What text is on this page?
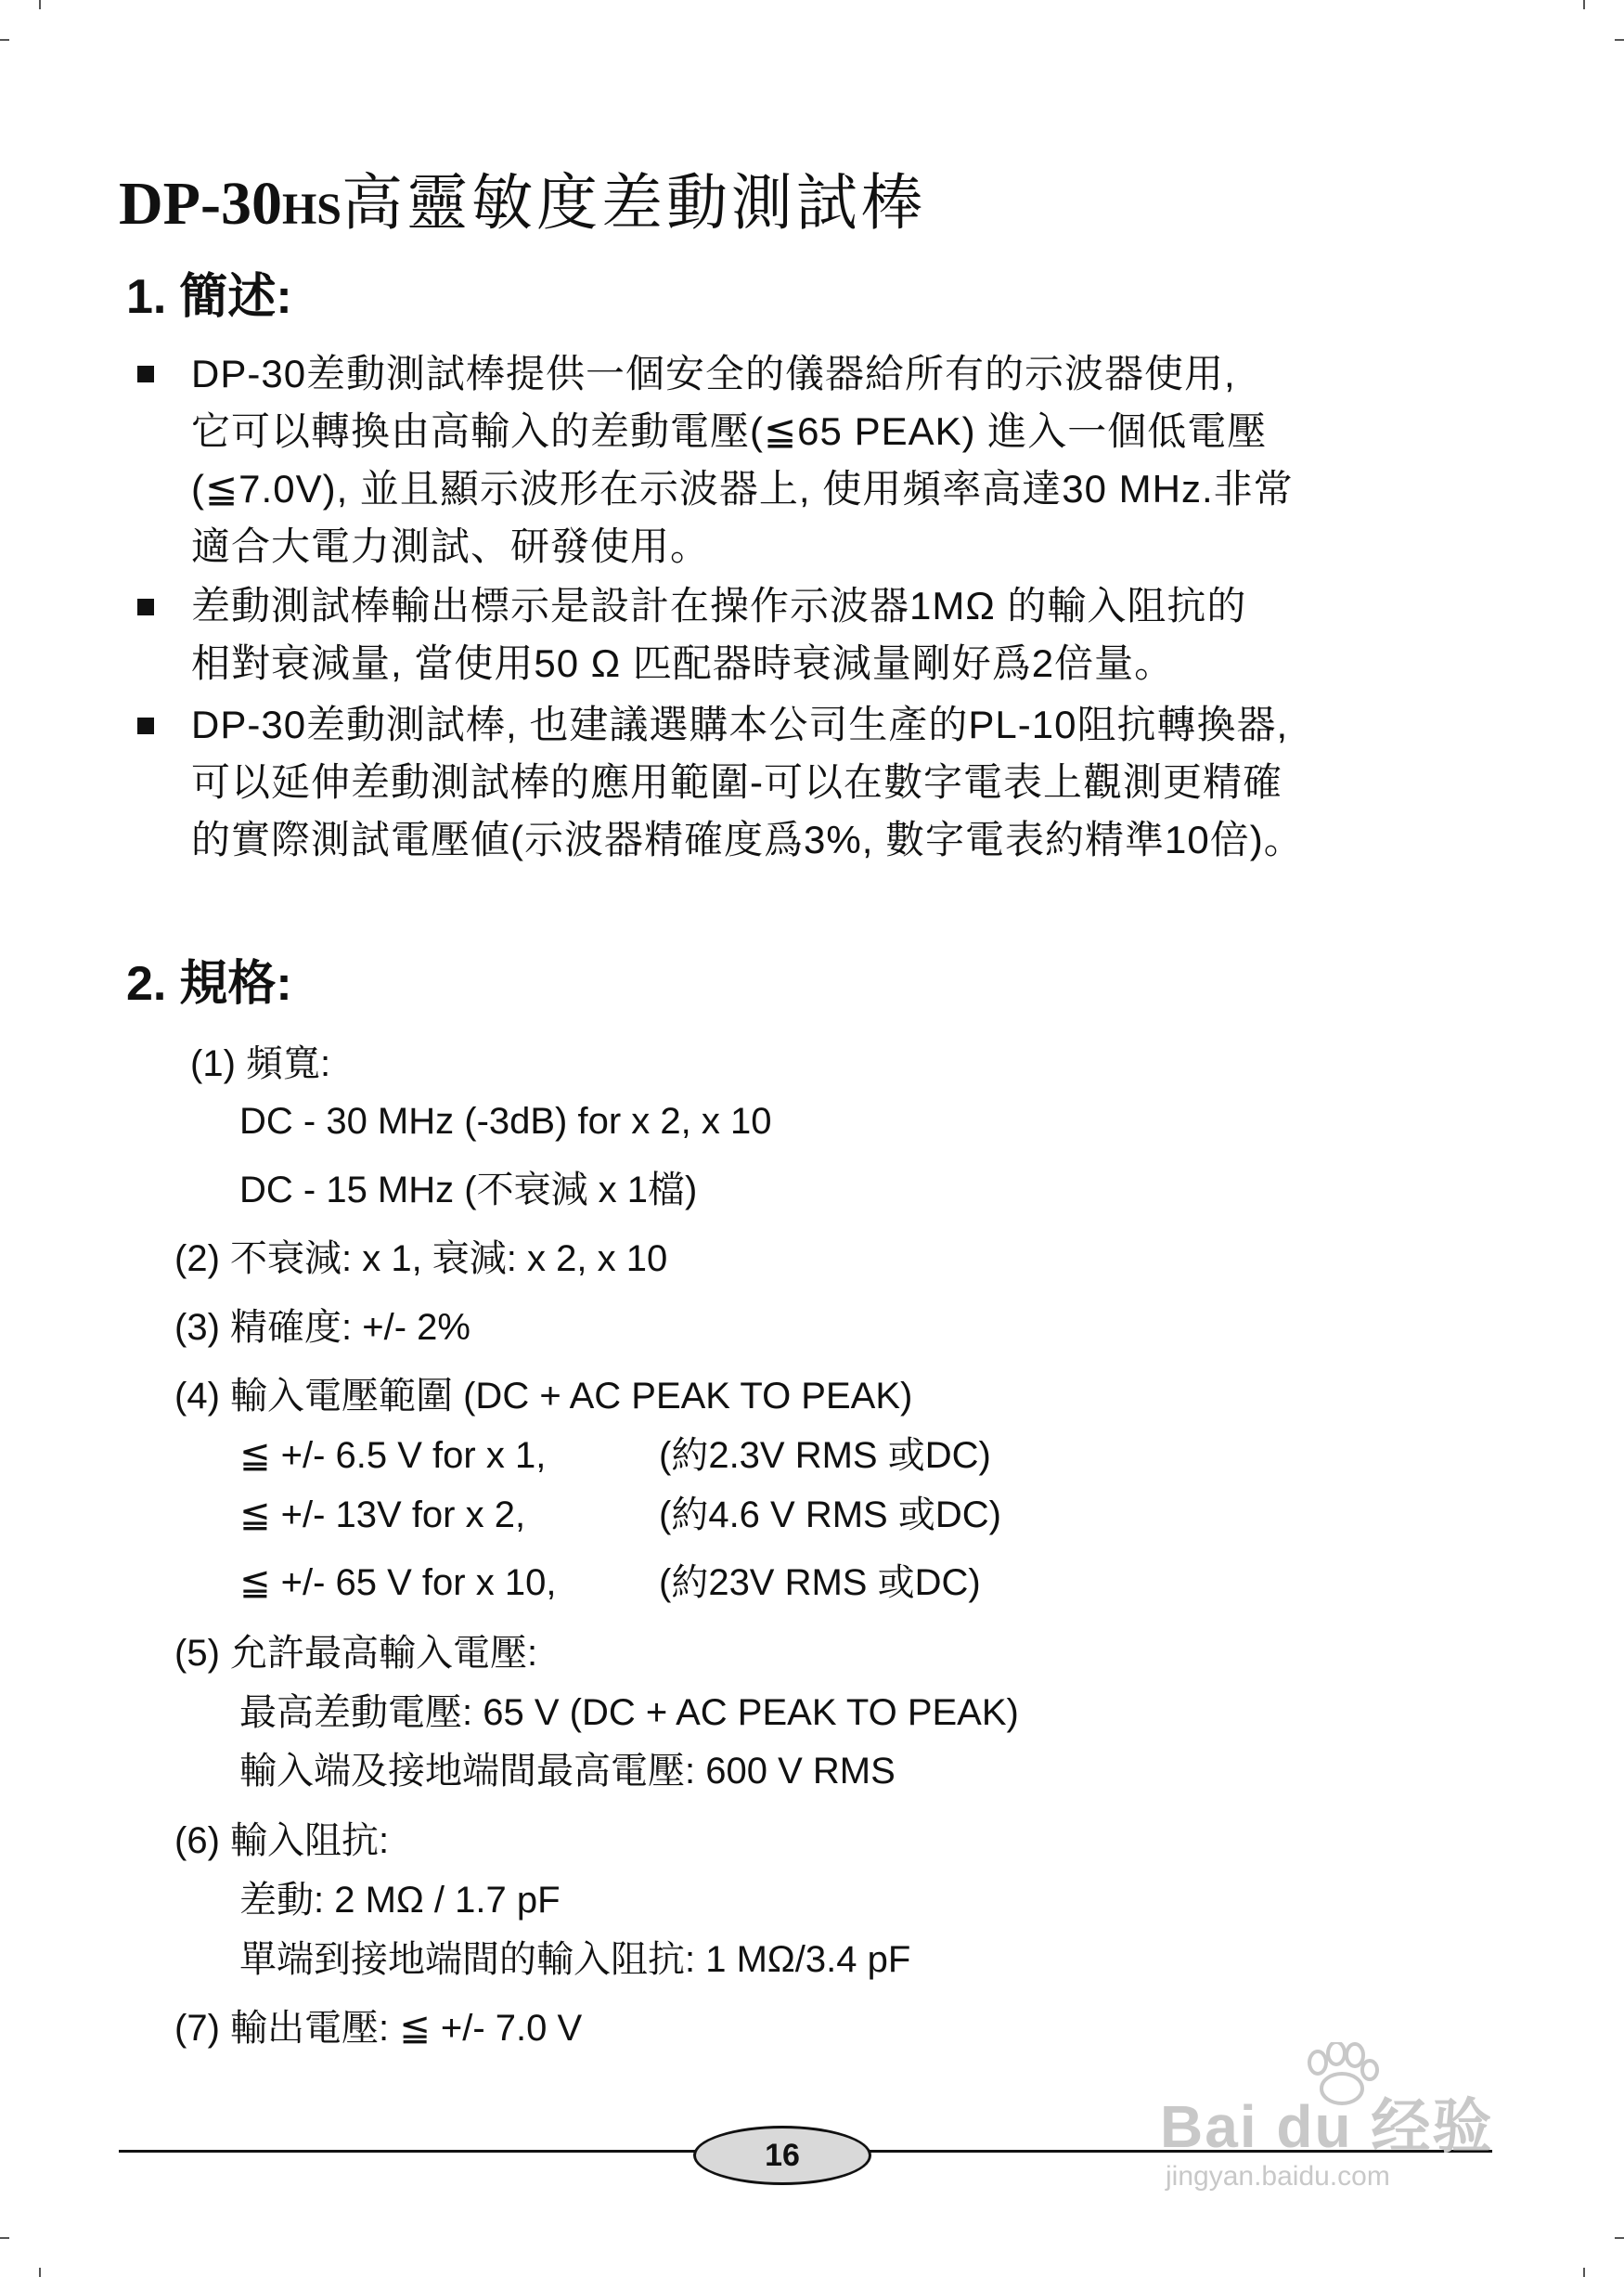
DP-30HS高靈敏度差動測試棒
1. 簡述:
DP-30差動測試棒提供一個安全的儀器給所有的示波器使用,
它可以轉換由高輸入的差動電壓(≦65 PEAK) 進入一個低電壓
(≦7.0V), 並且顯示波形在示波器上, 使用頻率高達30 MHz.非常
適合大電力測試、研發使用。
差動測試棒輸出標示是設計在操作示波器1MΩ 的輸入阻抗的
相對衰減量, 當使用50 Ω 匹配器時衰減量剛好爲2倍量。
DP-30差動測試棒, 也建議選購本公司生產的PL-10阻抗轉換器,
可以延伸差動測試棒的應用範圍-可以在數字電表上觀測更精確
的實際測試電壓値(示波器精確度爲3%, 數字電表約精準10倍)。
2. 規格:
(1) 頻寬:
DC - 30 MHz (-3dB) for x 2, x 10
DC - 15 MHz (不衰減 x 1檔)
(2) 不衰減: x 1, 衰減: x 2, x 10
(3) 精確度: +/- 2%
(4) 輸入電壓範圍 (DC + AC PEAK TO PEAK)
≦ +/- 6.5 V for x 1,	(約2.3V RMS 或DC)
≦ +/- 13V for x 2,	(約4.6 V RMS 或DC)
≦ +/- 65 V for x 10,	(約23V RMS 或DC)
(5) 允許最高輸入電壓:
最高差動電壓: 65 V (DC + AC PEAK TO PEAK)
輸入端及接地端間最高電壓: 600 V RMS
(6) 輸入阻抗:
差動: 2 MΩ / 1.7 pF
單端到接地端間的輸入阻抗: 1 MΩ/3.4 pF
(7) 輸出電壓: ≦ +/- 7.0 V
16	Bai du 经验
jingyan.baidu.com
